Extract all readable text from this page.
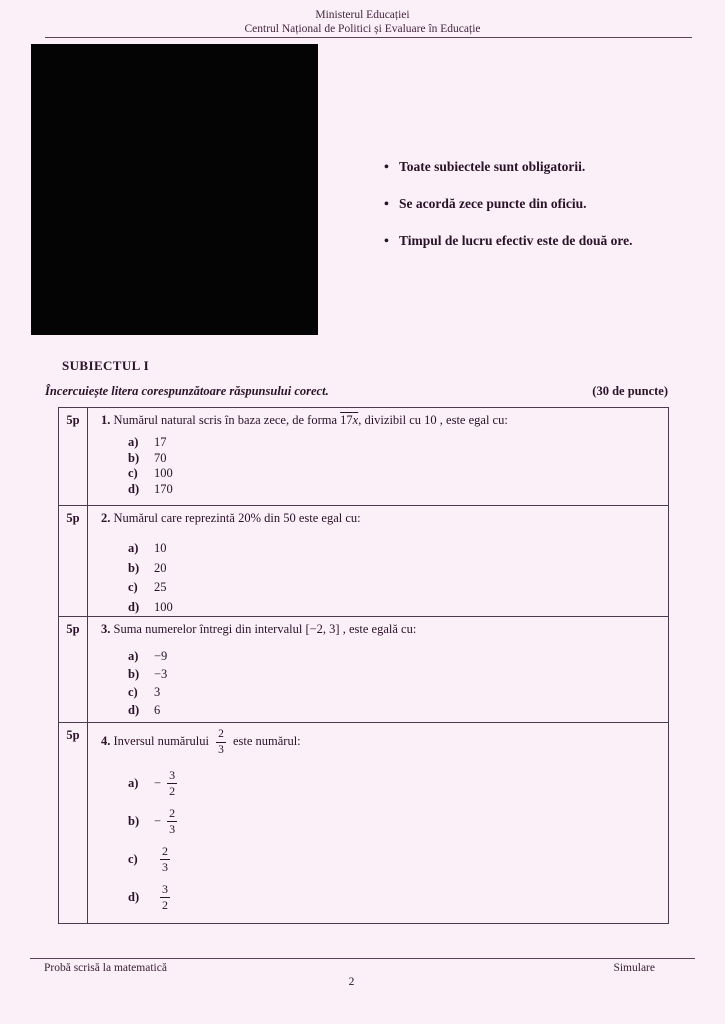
Ministerul Educației
Centrul Național de Politici și Evaluare în Educație
•
Toate subiectele sunt obligatorii.
•
Se acordă zece puncte din oficiu.
•
Timpul de lucru efectiv este de două ore.
SUBIECTUL I
Încercuiește litera corespunzătoare răspunsului corect.	(30 de puncte)
5p	1. Numărul natural scris în baza zece, de forma 17x, divizibil cu 10 , este egal cu:
a)	17
b)	70
c)	100
d)	170
5p	2. Numărul care reprezintă 20% din 50 este egal cu:
a)	10
b)	20
c)	25
d)	100
5p	3. Suma numerelor întregi din intervalul [−2, 3] , este egală cu:
a)	−9
b)	−3
c)	3
d)	6
5p	4. Inversul numărului $\frac{2}{3}$ este numărul:
a)	− $\frac{3}{2}$
b)	− $\frac{2}{3}$
c)	$\frac{2}{3}$
d)	$\frac{3}{2}$
Probă scrisă la matematică	Simulare
2
